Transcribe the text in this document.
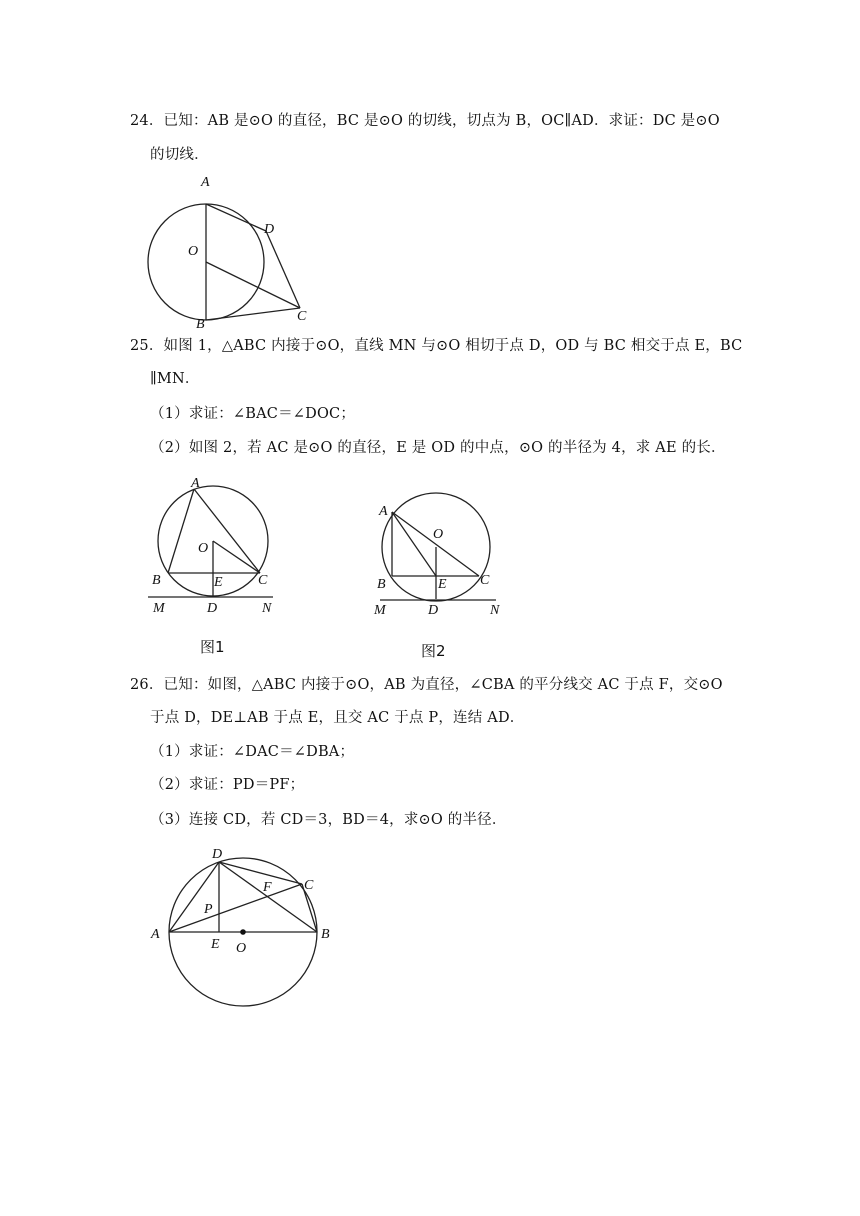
24．已知：AB 是⊙O 的直径，BC 是⊙O 的切线，切点为 B，OC∥AD．求证：DC 是⊙O
的切线．
A
D
O
C
B
25．如图 1，△ABC 内接于⊙O，直线 MN 与⊙O 相切于点 D，OD 与 BC 相交于点 E，BC
∥MN．
（1）求证：∠BAC＝∠DOC；
（2）如图 2，若 AC 是⊙O 的直径，E 是 OD 的中点，⊙O 的半径为 4，求 AE 的长．
A
O
B	E	C
M	D	N
图1
A
O
B	E C
M	D	N
图2
26．已知：如图，△ABC 内接于⊙O，AB 为直径，∠CBA 的平分线交 AC 于点 F，交⊙O
于点 D，DE⊥AB 于点 E，且交 AC 于点 P，连结 AD．
（1）求证：∠DAC＝∠DBA；
（2）求证：PD＝PF；
（3）连接 CD，若 CD＝3，BD＝4，求⊙O 的半径．
D
C
F
P
A
E O
B
